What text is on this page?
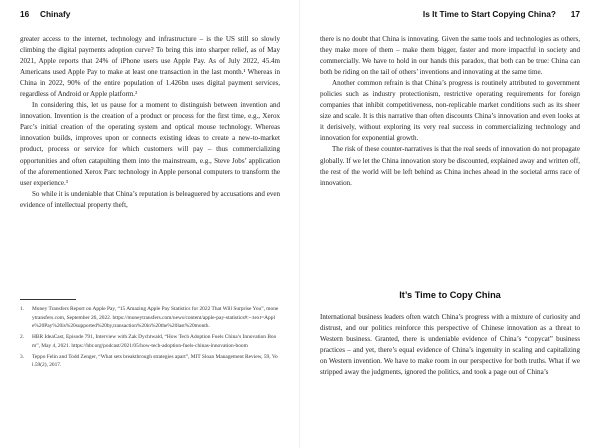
16 Chinafy

greater access to the internet, technology and infrastructure – is the US still so slowly climbing the digital payments adoption curve? To bring this into sharper relief, as of May 2021, Apple reports that 24% of iPhone users use Apple Pay. As of July 2022, 45.4m Americans used Apple Pay to make at least one transaction in the last month.¹ Whereas in China in 2022, 90% of the entire population of 1.426bn uses digital payment services, regardless of Android or Apple platform.²

In considering this, let us pause for a moment to distinguish between invention and innovation. Invention is the creation of a product or process for the first time, e.g., Xerox Parc’s initial creation of the operating system and optical mouse technology. Whereas innovation builds, improves upon or connects existing ideas to create a new-to-market product, process or service for which customers will pay – thus commercializing opportunities and often catapulting them into the mainstream, e.g., Steve Jobs’ application of the aforementioned Xerox Parc technology in Apple personal computers to transform the user experience.³

So while it is undeniable that China’s reputation is beleaguered by accusations and even evidence of intellectual property theft,

1. Money Transfers Report on Apple Pay, “15 Amazing Apple Pay Statistics for 2022 That Will Surprise You”, moneytransfers.com, September 26, 2022. https://moneytransfers.com/news/content/apple-pay-statistics#:~:text=Apple%20Pay%20is%20supported%20by,transaction%20in%20the%20last%20month.
2. HBR IdeaCast, Episode 791, Interview with Zak Dychtwald, “How Tech Adoption Fuels China’s Innovation Boom”, May 4, 2021. https://hbr.org/podcast/2021/05/how-tech-adoption-fuels-chinas-innovation-boom
3. Teppo Felin and Todd Zenger, “What sets breakthrough strategies apart”, MIT Sloan Management Review, 59, Vol.59(2), 2017.
Is It Time to Start Copying China? 17

there is no doubt that China is innovating. Given the same tools and technologies as others, they make more of them – make them bigger, faster and more impactful in society and commercially. We have to hold in our hands this paradox, that both can be true: China can both be riding on the tail of others’ inventions and innovating at the same time.

Another common refrain is that China’s progress is routinely attributed to government policies such as industry protectionism, restrictive operating requirements for foreign companies that inhibit competitiveness, non-replicable market conditions such as its sheer size and scale. It is this narrative than often discounts China’s innovation and even looks at it derisively, without exploring its very real success in commercializing technology and innovation for exponential growth.

The risk of these counter-narratives is that the real seeds of innovation do not propagate globally. If we let the China innovation story be discounted, explained away and written off, the rest of the world will be left behind as China inches ahead in the societal arms race of innovation.

It’s Time to Copy China

International business leaders often watch China’s progress with a mixture of curiosity and distrust, and our politics reinforce this perspective of Chinese innovation as a threat to Western business. Granted, there is undeniable evidence of China’s “copycat” business practices – and yet, there’s equal evidence of China’s ingenuity in scaling and capitalizing on Western invention. We have to make room in our perspective for both truths. What if we stripped away the judgments, ignored the politics, and took a page out of China’s
